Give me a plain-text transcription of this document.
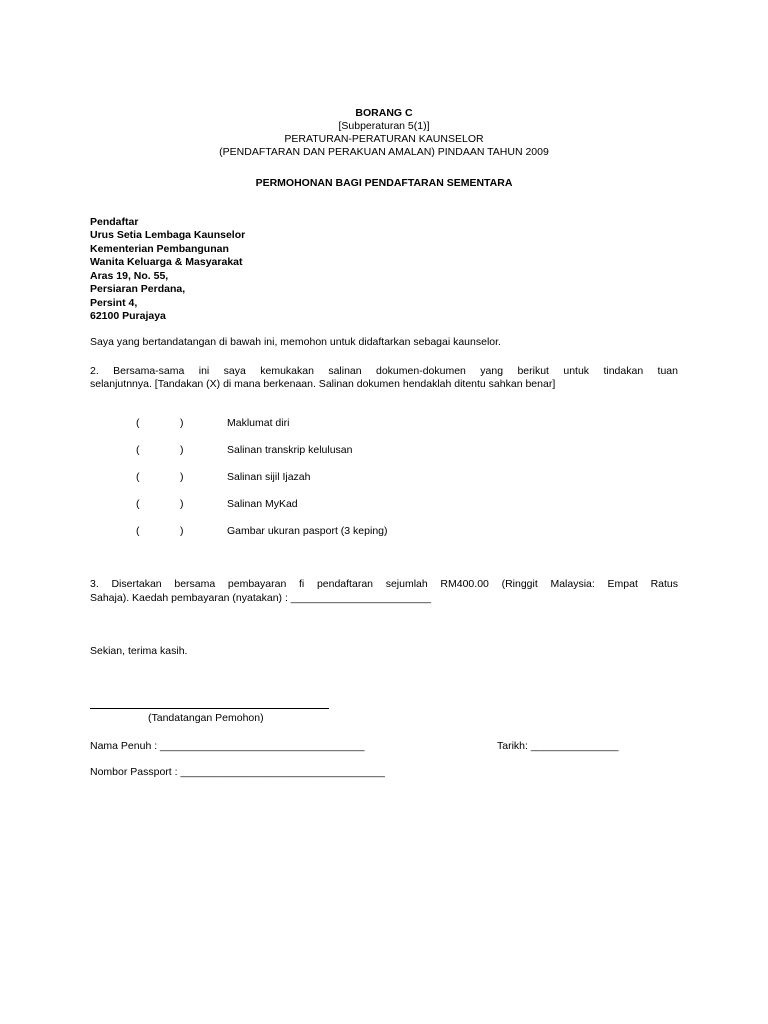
BORANG C
[Subperaturan 5(1)]
PERATURAN-PERATURAN KAUNSELOR
(PENDAFTARAN DAN PERAKUAN AMALAN) PINDAAN TAHUN 2009
PERMOHONAN BAGI PENDAFTARAN SEMENTARA
Pendaftar
Urus Setia Lembaga Kaunselor
Kementerian Pembangunan
Wanita Keluarga & Masyarakat
Aras 19, No. 55,
Persiaran Perdana,
Persint 4,
62100 Purajaya
Saya yang bertandatangan di bawah ini, memohon untuk didaftarkan sebagai kaunselor.
2. Bersama-sama ini saya kemukakan salinan dokumen-dokumen yang berikut untuk tindakan tuan
selanjutnnya. [Tandakan (X) di mana berkenaan. Salinan dokumen hendaklah ditentu sahkan benar]
(	)	Maklumat diri
(	)	Salinan transkrip kelulusan
(	)	Salinan sijil Ijazah
(	)	Salinan MyKad
(	)	Gambar ukuran pasport (3 keping)
3. Disertakan bersama pembayaran fi pendaftaran sejumlah RM400.00 (Ringgit Malaysia: Empat Ratus
Sahaja). Kaedah pembayaran (nyatakan) : ________________________
Sekian, terima kasih.
(Tandatangan Pemohon)
Nama Penuh : ___________________________________	Tarikh: _______________
Nombor Passport : ___________________________________
